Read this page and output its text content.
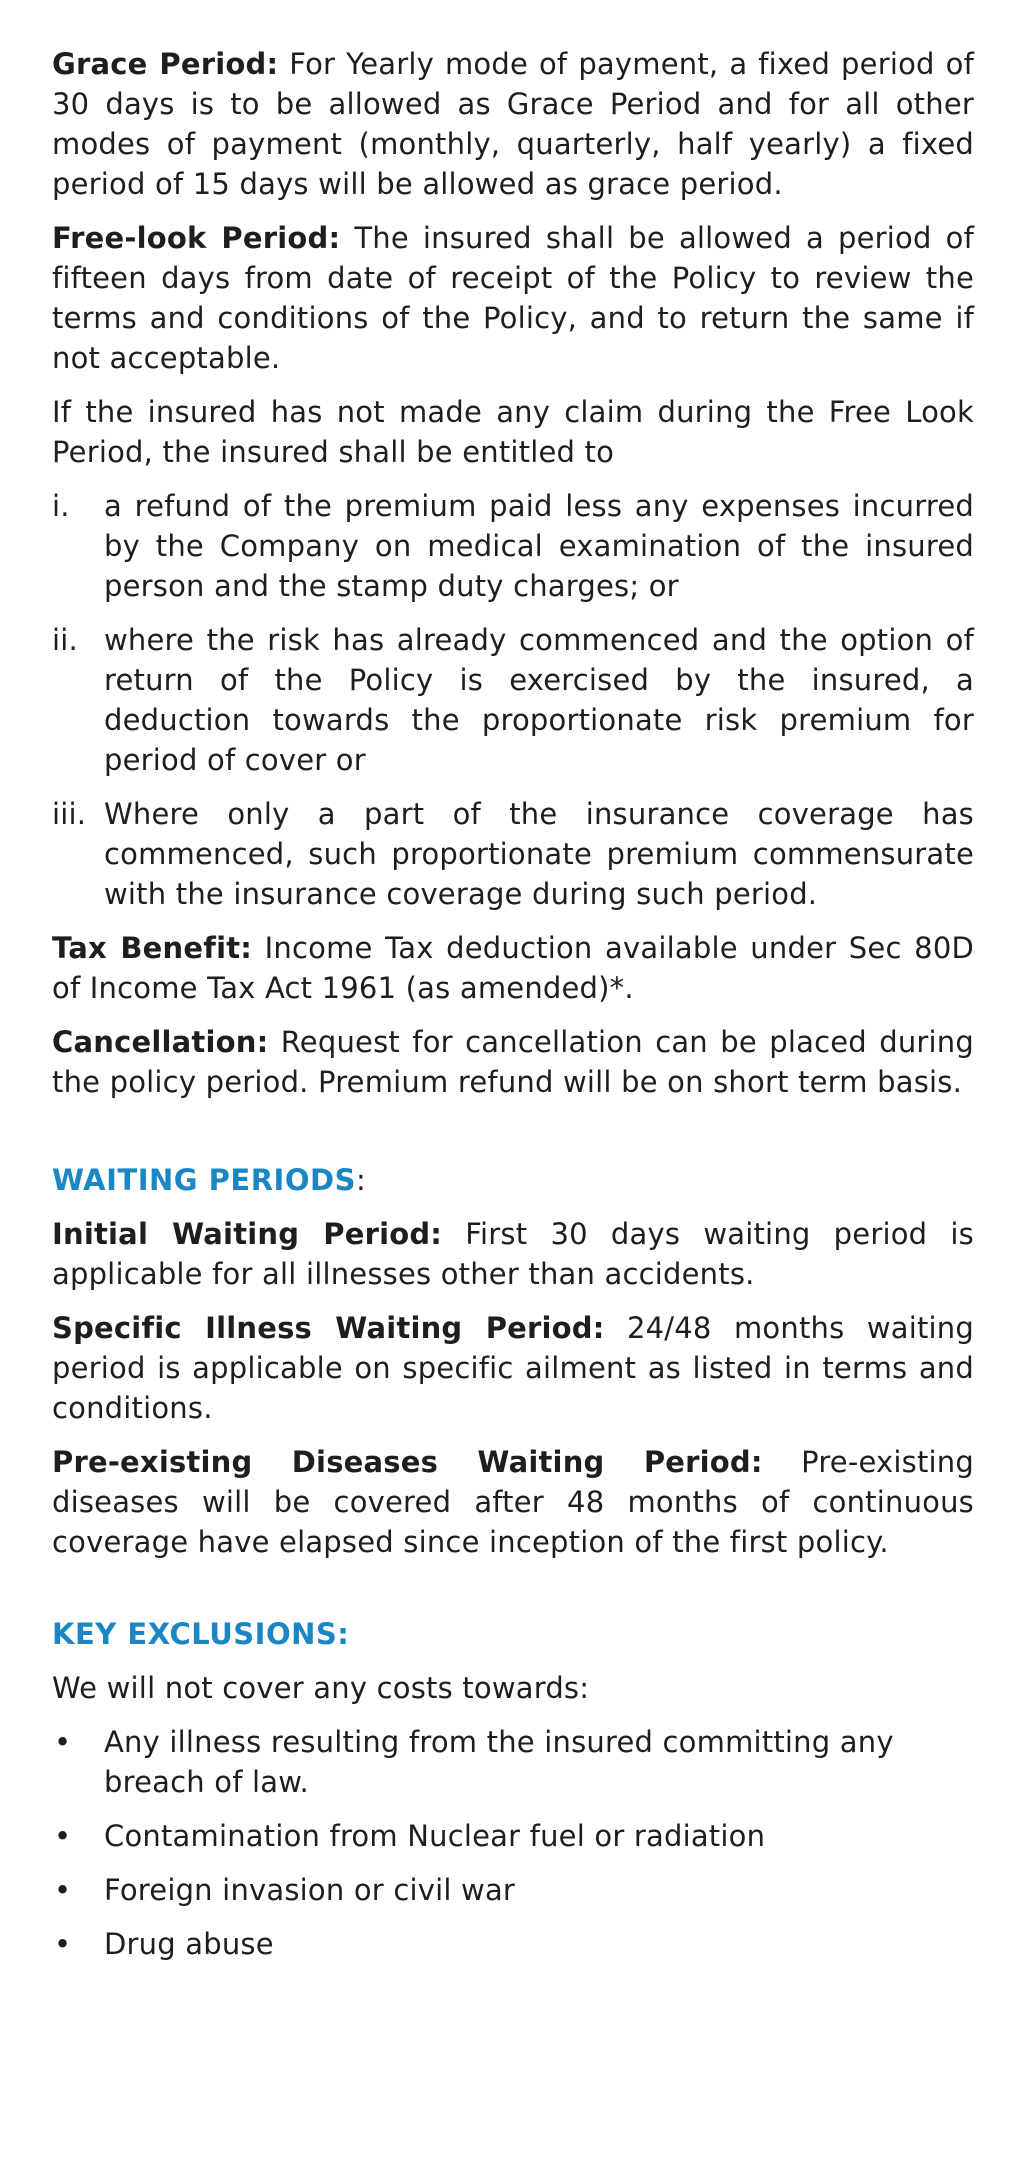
Grace Period: For Yearly mode of payment, a fixed period of 30 days is to be allowed as Grace Period and for all other modes of payment (monthly, quarterly, half yearly) a fixed period of 15 days will be allowed as grace period.

Free-look Period: The insured shall be allowed a period of fifteen days from date of receipt of the Policy to review the terms and conditions of the Policy, and to return the same if not acceptable.

If the insured has not made any claim during the Free Look Period, the insured shall be entitled to

i. a refund of the premium paid less any expenses incurred by the Company on medical examination of the insured person and the stamp duty charges; or
ii. where the risk has already commenced and the option of return of the Policy is exercised by the insured, a deduction towards the proportionate risk premium for period of cover or
iii. Where only a part of the insurance coverage has commenced, such proportionate premium commensurate with the insurance coverage during such period.

Tax Benefit: Income Tax deduction available under Sec 80D of Income Tax Act 1961 (as amended)*.

Cancellation: Request for cancellation can be placed during the policy period. Premium refund will be on short term basis.

WAITING PERIODS:

Initial Waiting Period: First 30 days waiting period is applicable for all illnesses other than accidents.

Specific Illness Waiting Period: 24/48 months waiting period is applicable on specific ailment as listed in terms and conditions.

Pre-existing Diseases Waiting Period: Pre-existing diseases will be covered after 48 months of continuous coverage have elapsed since inception of the first policy.

KEY EXCLUSIONS:

We will not cover any costs towards:

• Any illness resulting from the insured committing any breach of law.
• Contamination from Nuclear fuel or radiation
• Foreign invasion or civil war
• Drug abuse
